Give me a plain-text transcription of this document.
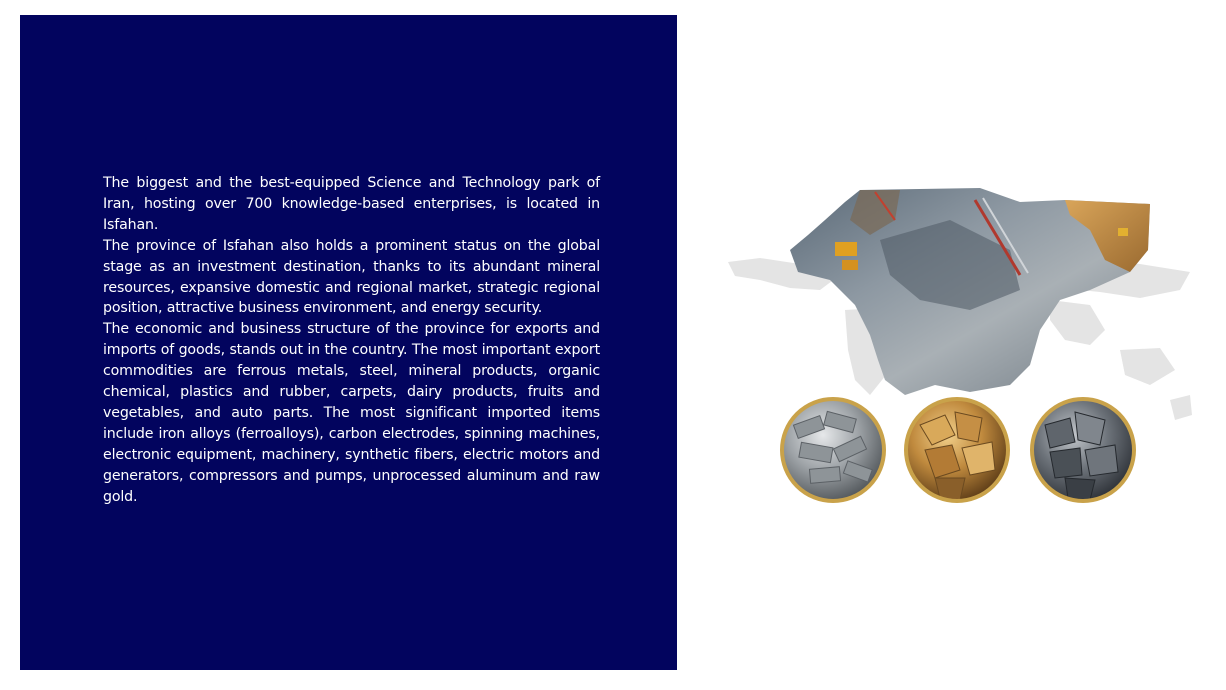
The biggest and the best-equipped Science and Technology park of Iran, hosting over 700 knowledge-based enterprises, is located in Isfahan.

The province of Isfahan also holds a prominent status on the global stage as an investment destination, thanks to its abundant mineral resources, expansive domestic and regional market, strategic regional position, attractive business environment, and energy security.

The economic and business structure of the province for exports and imports of goods, stands out in the country. The most important export commodities are ferrous metals, steel, mineral products, organic chemical, plastics and rubber, carpets, dairy products, fruits and vegetables, and auto parts. The most significant imported items include iron alloys (ferroalloys), carbon electrodes, spinning machines, electronic equipment, machinery, synthetic fibers, electric motors and generators, compressors and pumps, unprocessed aluminum and raw gold.
